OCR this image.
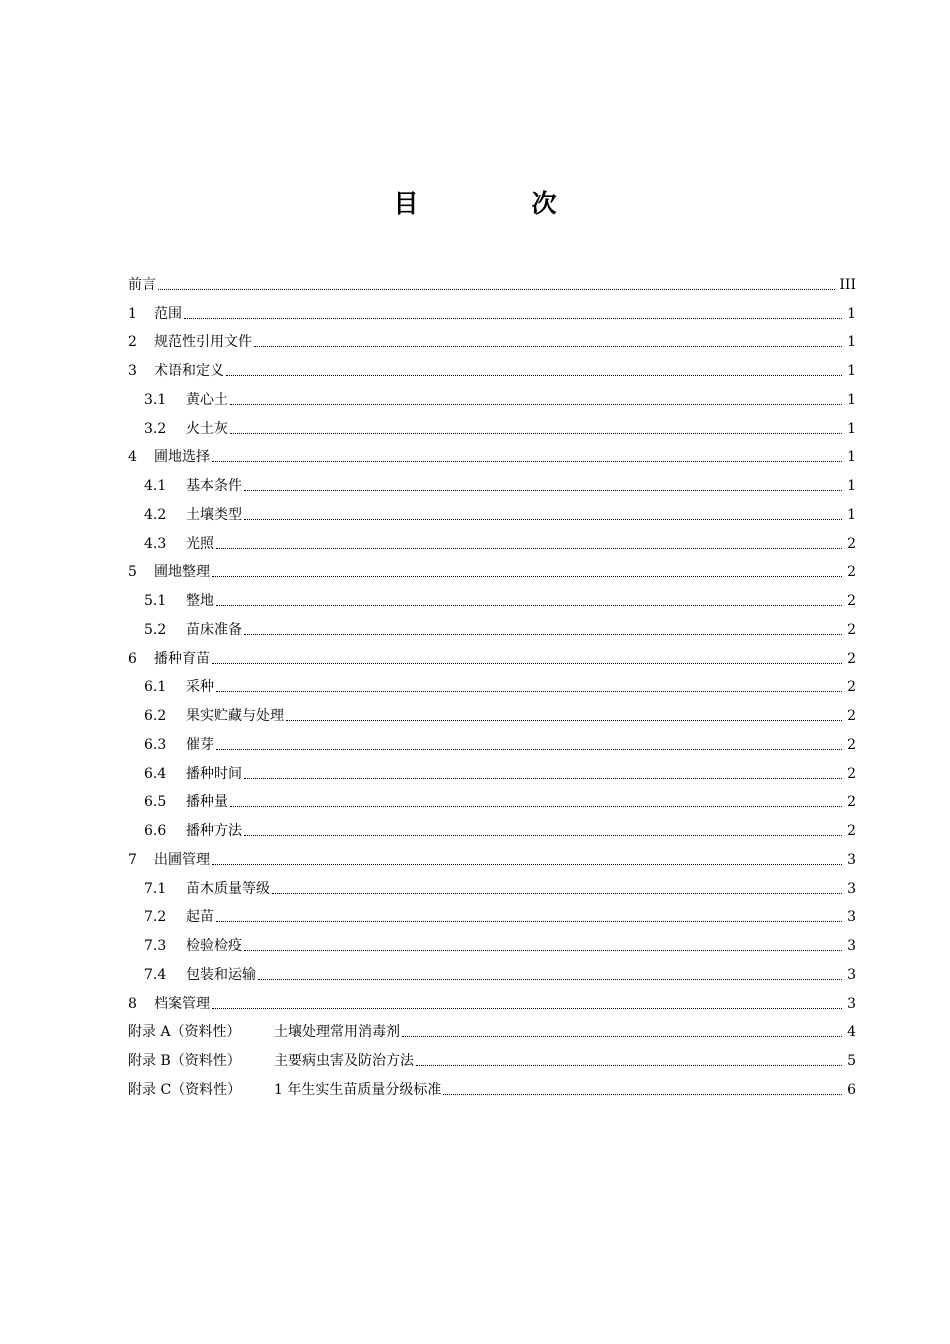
目　次
前言	III
1	范围	1
2	规范性引用文件	1
3	术语和定义	1
3.1	黄心土	1
3.2	火土灰	1
4	圃地选择	1
4.1	基本条件	1
4.2	土壤类型	1
4.3	光照	2
5	圃地整理	2
5.1	整地	2
5.2	苗床准备	2
6	播种育苗	2
6.1	采种	2
6.2	果实贮藏与处理	2
6.3	催芽	2
6.4	播种时间	2
6.5	播种量	2
6.6	播种方法	2
7	出圃管理	3
7.1	苗木质量等级	3
7.2	起苗	3
7.3	检验检疫	3
7.4	包装和运输	3
8	档案管理	3
附录 A（资料性）	土壤处理常用消毒剂	4
附录 B（资料性）	主要病虫害及防治方法	5
附录 C（资料性）	1 年生实生苗质量分级标准	6
